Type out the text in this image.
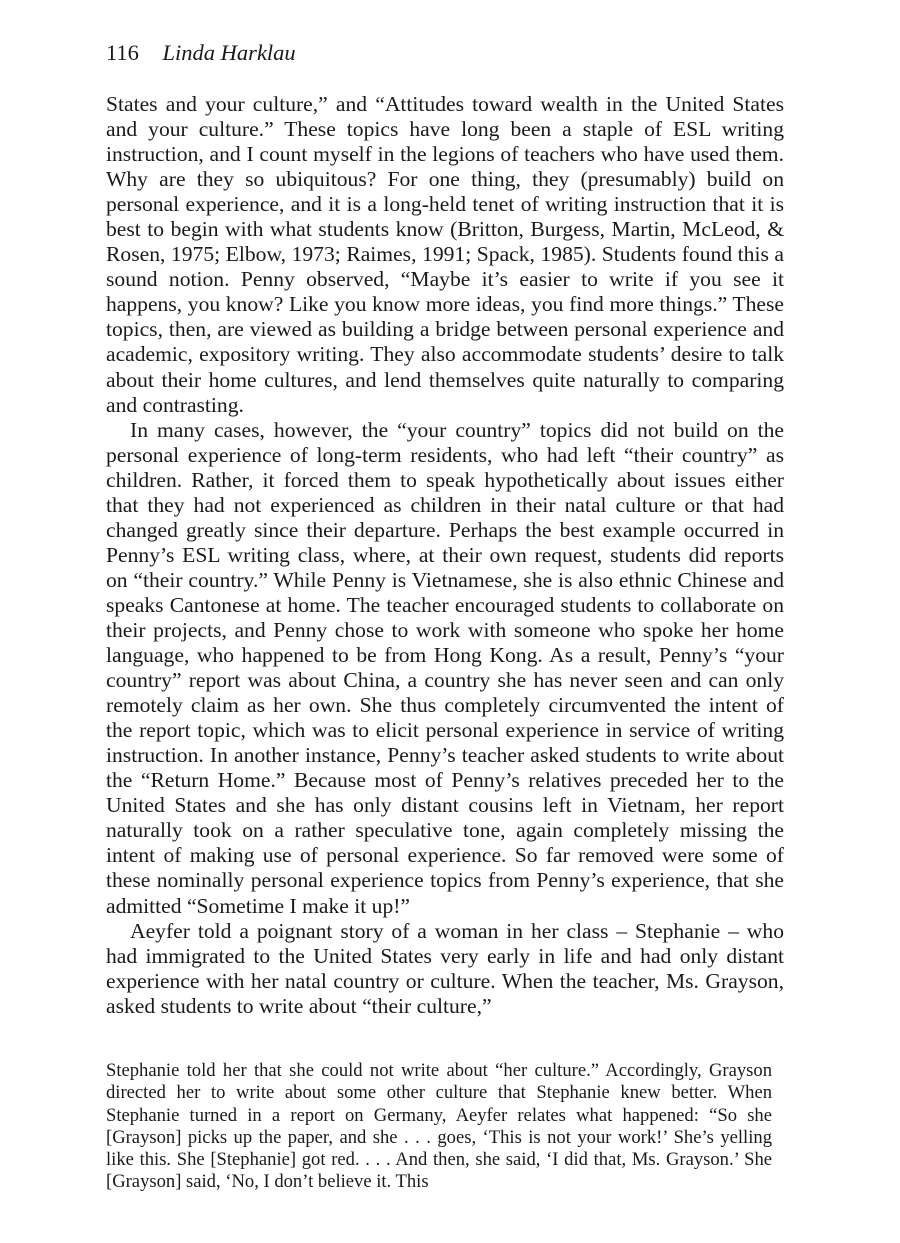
116 Linda Harklau

States and your culture,” and “Attitudes toward wealth in the United States and your culture.” These topics have long been a staple of ESL writing instruction, and I count myself in the legions of teachers who have used them. Why are they so ubiquitous? For one thing, they (presumably) build on personal experience, and it is a long-held tenet of writing instruction that it is best to begin with what students know (Britton, Burgess, Martin, McLeod, & Rosen, 1975; Elbow, 1973; Raimes, 1991; Spack, 1985). Students found this a sound notion. Penny observed, “Maybe it’s easier to write if you see it happens, you know? Like you know more ideas, you find more things.” These topics, then, are viewed as building a bridge between personal experience and academic, expository writing. They also accommodate students’ desire to talk about their home cultures, and lend themselves quite naturally to comparing and contrasting.

In many cases, however, the “your country” topics did not build on the personal experience of long-term residents, who had left “their country” as children. Rather, it forced them to speak hypothetically about issues either that they had not experienced as children in their natal culture or that had changed greatly since their departure. Perhaps the best example occurred in Penny’s ESL writing class, where, at their own request, students did reports on “their country.” While Penny is Vietnamese, she is also ethnic Chinese and speaks Cantonese at home. The teacher encouraged students to collaborate on their projects, and Penny chose to work with someone who spoke her home language, who happened to be from Hong Kong. As a result, Penny’s “your country” report was about China, a country she has never seen and can only remotely claim as her own. She thus completely circumvented the intent of the report topic, which was to elicit personal experience in service of writing instruction. In another instance, Penny’s teacher asked students to write about the “Return Home.” Because most of Penny’s relatives preceded her to the United States and she has only distant cousins left in Vietnam, her report naturally took on a rather speculative tone, again completely missing the intent of making use of personal experience. So far removed were some of these nominally personal experience topics from Penny’s experience, that she admitted “Sometime I make it up!”

Aeyfer told a poignant story of a woman in her class – Stephanie – who had immigrated to the United States very early in life and had only distant experience with her natal country or culture. When the teacher, Ms. Grayson, asked students to write about “their culture,”

Stephanie told her that she could not write about “her culture.” Accordingly, Grayson directed her to write about some other culture that Stephanie knew better. When Stephanie turned in a report on Germany, Aeyfer relates what happened: “So she [Grayson] picks up the paper, and she . . . goes, ‘This is not your work!’ She’s yelling like this. She [Stephanie] got red. . . . And then, she said, ‘I did that, Ms. Grayson.’ She [Grayson] said, ‘No, I don’t believe it. This
